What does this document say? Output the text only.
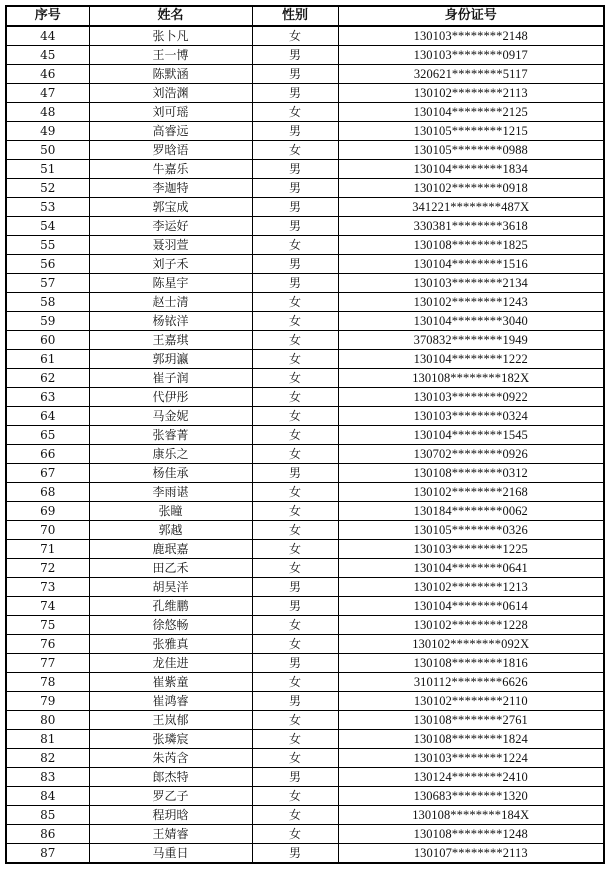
序号	姓名	性别	身份证号
44	张卜凡	女	130103********2148
45	王一博	男	130103********0917
46	陈默涵	男	320621********5117
47	刘浩渊	男	130102********2113
48	刘可瑶	女	130104********2125
49	高睿远	男	130105********1215
50	罗晗语	女	130105********0988
51	牛嘉乐	男	130104********1834
52	李迦特	男	130102********0918
53	郭宝成	男	341221********487X
54	李运好	男	330381********3618
55	聂羽萱	女	130108********1825
56	刘子禾	男	130104********1516
57	陈星宇	男	130103********2134
58	赵士清	女	130102********1243
59	杨铱洋	女	130104********3040
60	王嘉琪	女	370832********1949
61	郭玥瀛	女	130104********1222
62	崔子润	女	130108********182X
63	代伊彤	女	130103********0922
64	马金妮	女	130103********0324
65	张睿菁	女	130104********1545
66	康乐之	女	130702********0926
67	杨佳承	男	130108********0312
68	李雨谌	女	130102********2168
69	张瞳	女	130184********0062
70	郭越	女	130105********0326
71	鹿珉嘉	女	130103********1225
72	田乙禾	女	130104********0641
73	胡昊洋	男	130102********1213
74	孔维鹏	男	130104********0614
75	徐悠畅	女	130102********1228
76	张雅真	女	130102********092X
77	龙佳进	男	130108********1816
78	崔紫童	女	310112********6626
79	崔鸿睿	男	130102********2110
80	王岚郁	女	130108********2761
81	张璘宸	女	130108********1824
82	朱芮含	女	130103********1224
83	郎杰特	男	130124********2410
84	罗乙子	女	130683********1320
85	程玥晗	女	130108********184X
86	王婧睿	女	130108********1248
87	马重日	男	130107********2113
